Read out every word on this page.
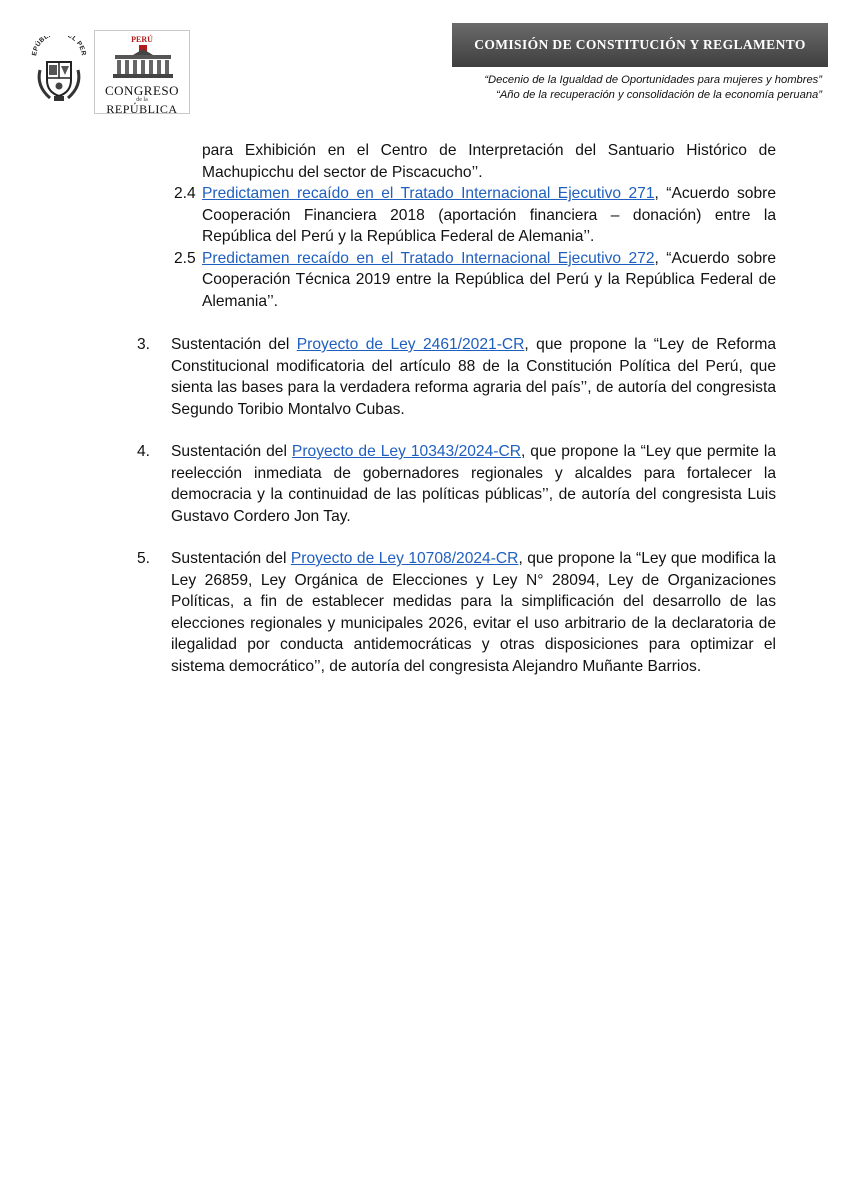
EPÚBL EL PER
PERÚ
CONGRESO
de la
REPÚBLICA
COMISIÓN DE CONSTITUCIÓN Y REGLAMENTO
“Decenio de la Igualdad de Oportunidades para mujeres y hombres”
“Año de la recuperación y consolidación de la economía peruana”
para Exhibición en el Centro de Interpretación del Santuario Histórico de Machupicchu del sector de Piscacucho’’.
2.4 Predictamen recaído en el Tratado Internacional Ejecutivo 271, “Acuerdo sobre Cooperación Financiera 2018 (aportación financiera – donación) entre la República del Perú y la República Federal de Alemania’’.
2.5 Predictamen recaído en el Tratado Internacional Ejecutivo 272, “Acuerdo sobre Cooperación Técnica 2019 entre la República del Perú y la República Federal de Alemania’’.
3. Sustentación del Proyecto de Ley 2461/2021-CR, que propone la “Ley de Reforma Constitucional modificatoria del artículo 88 de la Constitución Política del Perú, que sienta las bases para la verdadera reforma agraria del país’’, de autoría del congresista Segundo Toribio Montalvo Cubas.
4. Sustentación del Proyecto de Ley 10343/2024-CR, que propone la “Ley que permite la reelección inmediata de gobernadores regionales y alcaldes para fortalecer la democracia y la continuidad de las políticas públicas’’, de autoría del congresista Luis Gustavo Cordero Jon Tay.
5. Sustentación del Proyecto de Ley 10708/2024-CR, que propone la “Ley que modifica la Ley 26859, Ley Orgánica de Elecciones y Ley N° 28094, Ley de Organizaciones Políticas, a fin de establecer medidas para la simplificación del desarrollo de las elecciones regionales y municipales 2026, evitar el uso arbitrario de la declaratoria de ilegalidad por conducta antidemocráticas y otras disposiciones para optimizar el sistema democrático’’, de autoría del congresista Alejandro Muñante Barrios.
